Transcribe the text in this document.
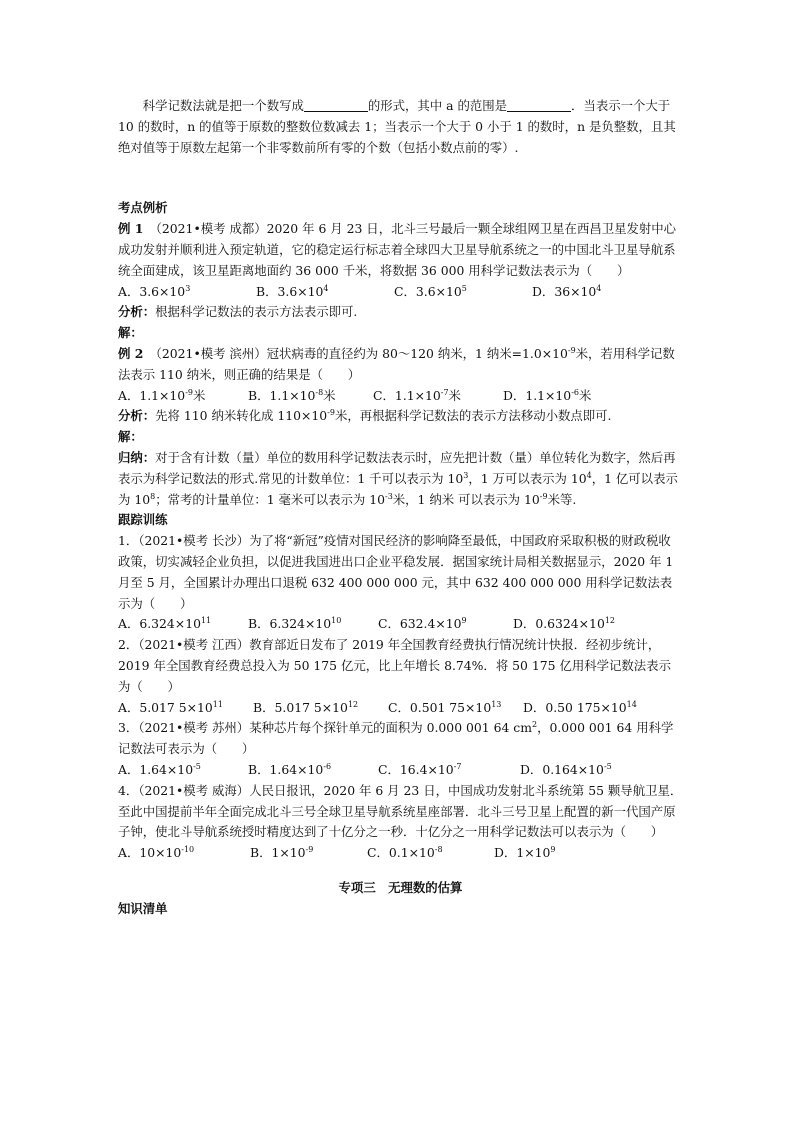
科学记数法就是把一个数写成	的形式，其中 a 的范围是	．当表示一个大于 10 的数时，n 的值等于原数的整数位数减去 1；当表示一个大于 0 小于 1 的数时，n 是负整数，且其绝对值等于原数左起第一个非零数前所有零的个数（包括小数点前的零）.

考点例析

例 1　 （2021•模考 成都）2020 年 6 月 23 日，北斗三号最后一颗全球组网卫星在西昌卫星发射中心成功发射并顺利进入预定轨道，它的稳定运行标志着全球四大卫星导航系统之一的中国北斗卫星导航系统全面建成，该卫星距离地面约 36 000 千米，将数据 36 000 用科学记数法表示为（　　）

A．$3.6\times 10^3$	B．$3.6\times 10^4$	C．$3.6\times 10^5$	D．$36\times 10^4$

分析：根据科学记数法的表示方法表示即可.

解：

例 2　 （2021•模考 滨州）冠状病毒的直径约为 80～120 纳米，1 纳米$=1.0\times 10^{-9}$米，若用科学记数法表示 110 纳米，则正确的结果是（　　）

A．$1.1\times 10^{-9}$米	B．$1.1\times 10^{-8}$米	C．$1.1\times 10^{-7}$米	D．$1.1\times 10^{-6}$米

分析：先将 110 纳米转化成 $110\times 10^{-9}$米，再根据科学记数法的表示方法移动小数点即可.

解：

归纳：对于含有计数（量）单位的数用科学记数法表示时，应先把计数（量）单位转化为数字，然后再表示为科学记数法的形式.常见的计数单位：1 千可以表示为 $10^3$，1 万可以表示为 $10^4$，1 亿可以表示为 $10^8$；常考的计量单位：1 毫米可以表示为 $10^{-3}$米，1 纳米 可以表示为 $10^{-9}$米等.

跟踪训练

1．（2021•模考 长沙）为了将“新冠”疫情对国民经济的影响降至最低，中国政府采取积极的财政税收政策，切实减轻企业负担，以促进我国进出口企业平稳发展．据国家统计局相关数据显示，2020 年 1 月至 5 月，全国累计办理出口退税 632 400 000 000 元，其中 632 400 000 000 用科学记数法表示为（　　）

A．$6.324\times 10^{11}$	B．$6.324\times 10^{10}$	C．$632.4\times 10^9$	D．$0.6324\times 10^{12}$

2．（2021•模考 江西）教育部近日发布了 2019 年全国教育经费执行情况统计快报．经初步统计，2019 年全国教育经费总投入为 50 175 亿元，比上年增长 8.74%．将 50 175 亿用科学记数法表示为（　　）

A．5.017 $5\times 10^{11}$	B．5.017 $5\times 10^{12}$	C．0.501 $75\times 10^{13}$	D．0.50 $175\times 10^{14}$

3．（2021•模考 苏州）某种芯片每个探针单元的面积为 0.000 001 64 $cm^2$，0.000 001 64 用科学记数法可表示为（　　）

A．$1.64\times 10^{-5}$	B．$1.64\times 10^{-6}$	C．$16.4\times 10^{-7}$	D．$0.164\times 10^{-5}$

4．（2021•模考 威海）人民日报讯，2020 年 6 月 23 日，中国成功发射北斗系统第 55 颗导航卫星．至此中国提前半年全面完成北斗三号全球卫星导航系统星座部署．北斗三号卫星上配置的新一代国产原子钟，使北斗导航系统授时精度达到了十亿分之一秒．十亿分之一用科学记数法可以表示为（　　）

A．$10\times 10^{-10}$	B．$1\times 10^{-9}$	C．$0.1\times 10^{-8}$	D．$1\times 10^9$

专项三　无理数的估算

知识清单
